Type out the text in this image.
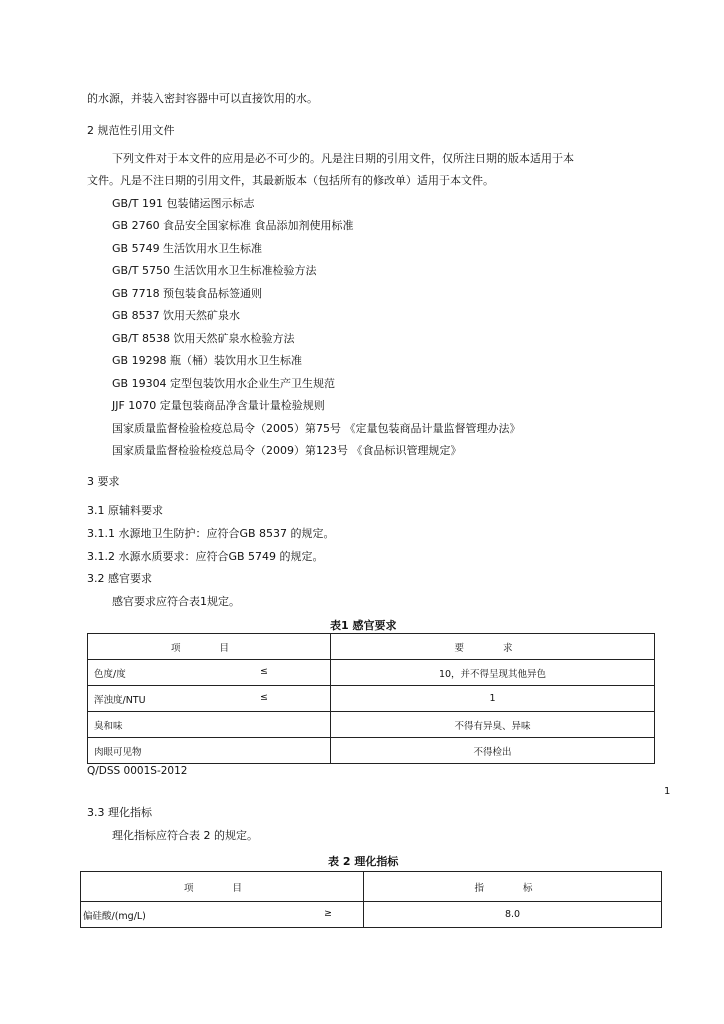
的水源，并装入密封容器中可以直接饮用的水。
2 规范性引用文件
下列文件对于本文件的应用是必不可少的。凡是注日期的引用文件，仅所注日期的版本适用于本
文件。凡是不注日期的引用文件，其最新版本（包括所有的修改单）适用于本文件。
GB/T 191 包装储运图示标志
GB 2760 食品安全国家标准 食品添加剂使用标准
GB 5749 生活饮用水卫生标准
GB/T 5750 生活饮用水卫生标准检验方法
GB 7718 预包装食品标签通则
GB 8537 饮用天然矿泉水
GB/T 8538 饮用天然矿泉水检验方法
GB 19298 瓶（桶）装饮用水卫生标准
GB 19304 定型包装饮用水企业生产卫生规范
JJF 1070 定量包装商品净含量计量检验规则
国家质量监督检验检疫总局令（2005）第75号 《定量包装商品计量监督管理办法》
国家质量监督检验检疫总局令（2009）第123号 《食品标识管理规定》
3 要求
3.1 原辅料要求
3.1.1 水源地卫生防护：应符合GB 8537 的规定。
3.1.2 水源水质要求：应符合GB 5749 的规定。
3.2 感官要求
感官要求应符合表1规定。
表1 感官要求
项 目	要 求

色度/度 ≤	10，并不得呈现其他异色

浑浊度/NTU ≤	1

臭和味	不得有异臭、异味

肉眼可见物	不得检出
Q/DSS 0001S-2012
1
3.3 理化指标
理化指标应符合表 2 的规定。
表 2 理化指标
项 目	指 标

偏硅酸/(mg/L) ≥	8.0
